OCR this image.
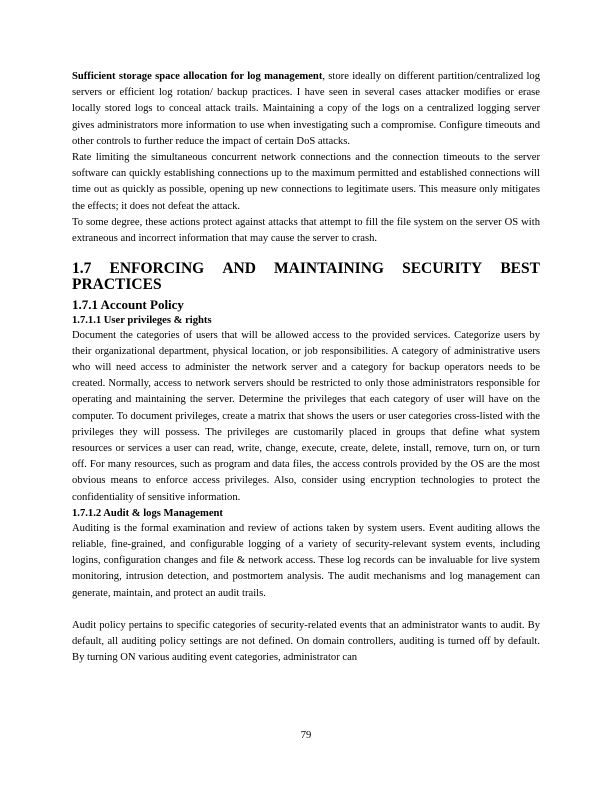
Sufficient storage space allocation for log management, store ideally on different partition/centralized log servers or efficient log rotation/ backup practices. I have seen in several cases attacker modifies or erase locally stored logs to conceal attack trails. Maintaining a copy of the logs on a centralized logging server gives administrators more information to use when investigating such a compromise. Configure timeouts and other controls to further reduce the impact of certain DoS attacks.

Rate limiting the simultaneous concurrent network connections and the connection timeouts to the server software can quickly establishing connections up to the maximum permitted and established connections will time out as quickly as possible, opening up new connections to legitimate users. This measure only mitigates the effects; it does not defeat the attack.

To some degree, these actions protect against attacks that attempt to fill the file system on the server OS with extraneous and incorrect information that may cause the server to crash.

1.7 ENFORCING AND MAINTAINING SECURITY BEST
PRACTICES
1.7.1 Account Policy
1.7.1.1 User privileges & rights

Document the categories of users that will be allowed access to the provided services. Categorize users by their organizational department, physical location, or job responsibilities. A category of administrative users who will need access to administer the network server and a category for backup operators needs to be created. Normally, access to network servers should be restricted to only those administrators responsible for operating and maintaining the server. Determine the privileges that each category of user will have on the computer. To document privileges, create a matrix that shows the users or user categories cross-listed with the privileges they will possess. The privileges are customarily placed in groups that define what system resources or services a user can read, write, change, execute, create, delete, install, remove, turn on, or turn off. For many resources, such as program and data files, the access controls provided by the OS are the most obvious means to enforce access privileges. Also, consider using encryption technologies to protect the confidentiality of sensitive information.

1.7.1.2 Audit & logs Management

Auditing is the formal examination and review of actions taken by system users. Event auditing allows the reliable, fine-grained, and configurable logging of a variety of security-relevant system events, including logins, configuration changes and file & network access. These log records can be invaluable for live system monitoring, intrusion detection, and postmortem analysis. The audit mechanisms and log management can generate, maintain, and protect an audit trails.

Audit policy pertains to specific categories of security-related events that an administrator wants to audit. By default, all auditing policy settings are not defined. On domain controllers, auditing is turned off by default. By turning ON various auditing event categories, administrator can

79
